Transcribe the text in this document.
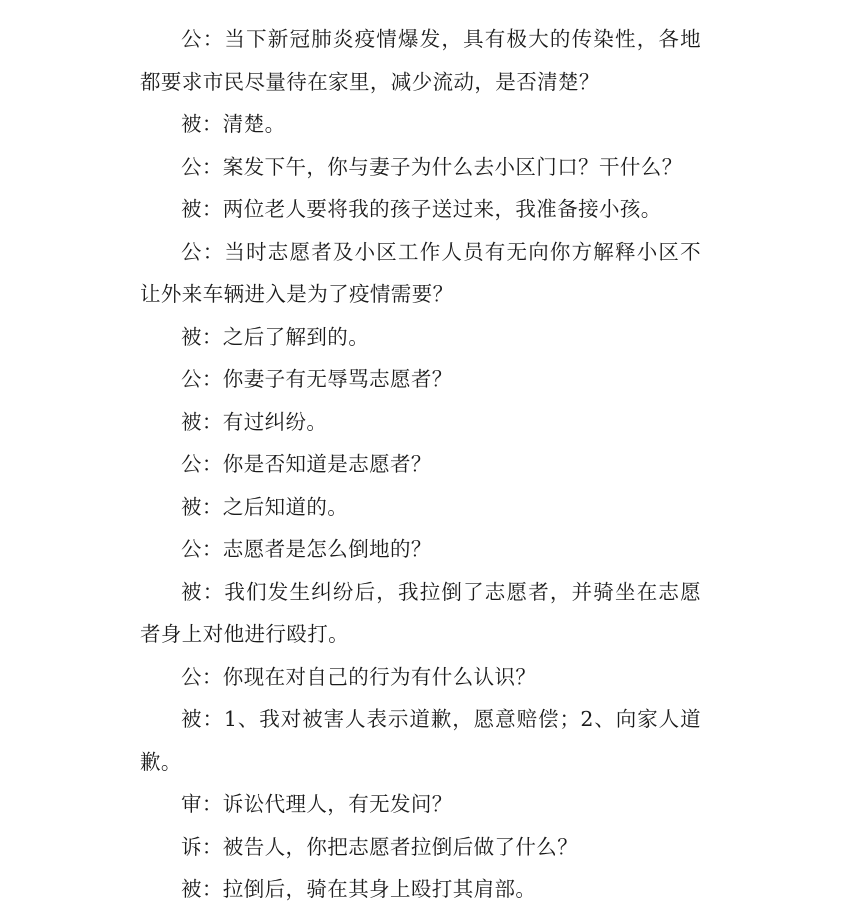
公：当下新冠肺炎疫情爆发，具有极大的传染性，各地都要求市民尽量待在家里，减少流动，是否清楚？

被：清楚。

公：案发下午，你与妻子为什么去小区门口？干什么？

被：两位老人要将我的孩子送过来，我准备接小孩。

公：当时志愿者及小区工作人员有无向你方解释小区不让外来车辆进入是为了疫情需要？

被：之后了解到的。

公：你妻子有无辱骂志愿者？

被：有过纠纷。

公：你是否知道是志愿者？

被：之后知道的。

公：志愿者是怎么倒地的？

被：我们发生纠纷后，我拉倒了志愿者，并骑坐在志愿者身上对他进行殴打。

公：你现在对自己的行为有什么认识？

被：1、我对被害人表示道歉，愿意赔偿；2、向家人道歉。

审：诉讼代理人，有无发问？

诉：被告人，你把志愿者拉倒后做了什么？

被：拉倒后，骑在其身上殴打其肩部。
